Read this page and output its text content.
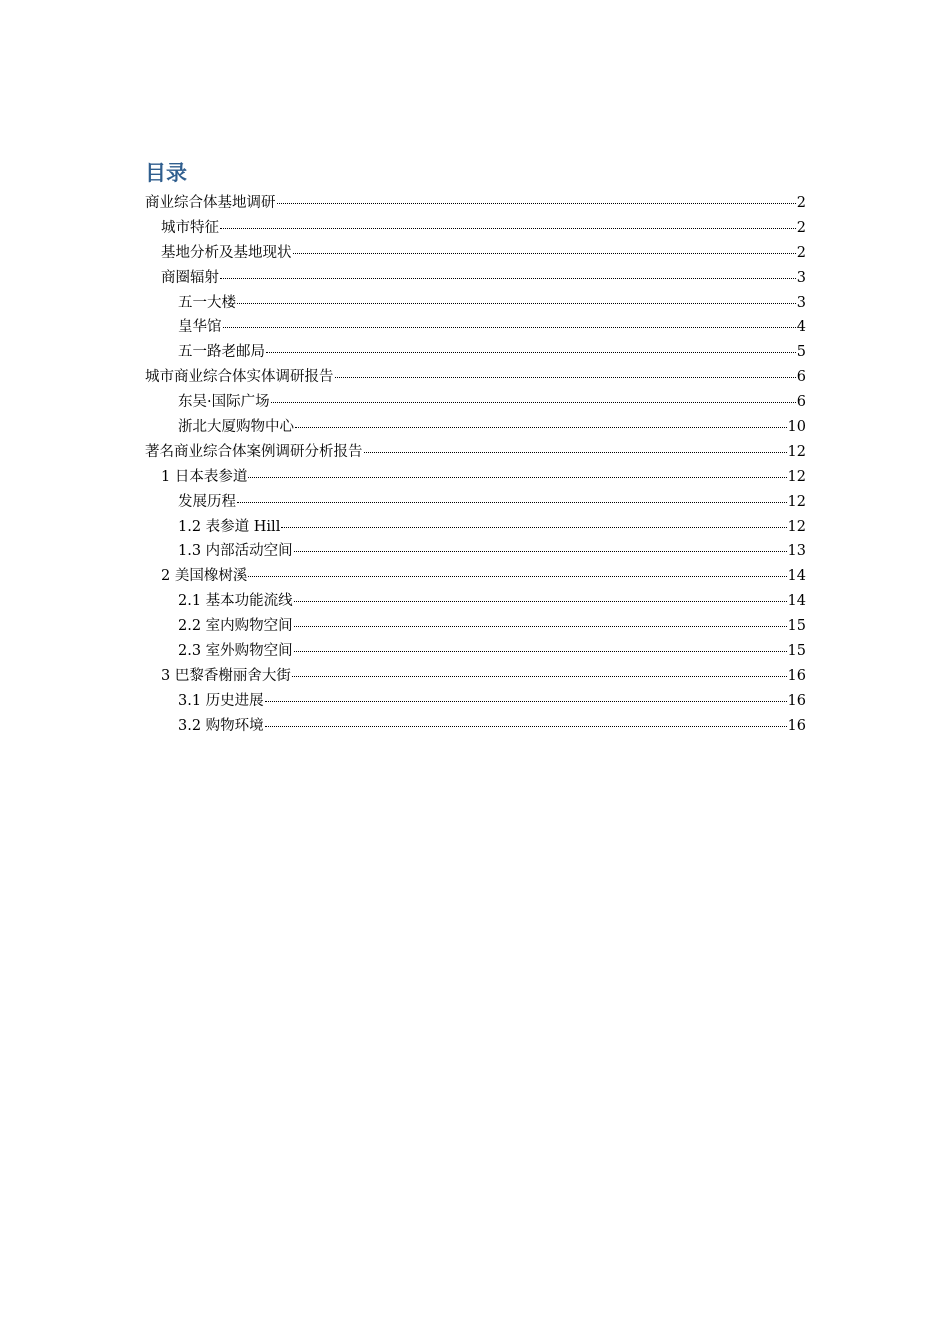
目录
商业综合体基地调研	2
城市特征	2
基地分析及基地现状	2
商圈辐射	3
五一大楼	3
皇华馆	4
五一路老邮局	5
城市商业综合体实体调研报告	6
东吴·国际广场	6
浙北大厦购物中心	10
著名商业综合体案例调研分析报告	12
1 日本表参道	12
发展历程	12
1.2 表参道 Hill	12
1.3 内部活动空间	13
2 美国橡树溪	14
2.1 基本功能流线	14
2.2 室内购物空间	15
2.3 室外购物空间	15
3 巴黎香榭丽舍大街	16
3.1 历史进展	16
3.2 购物环境	16
